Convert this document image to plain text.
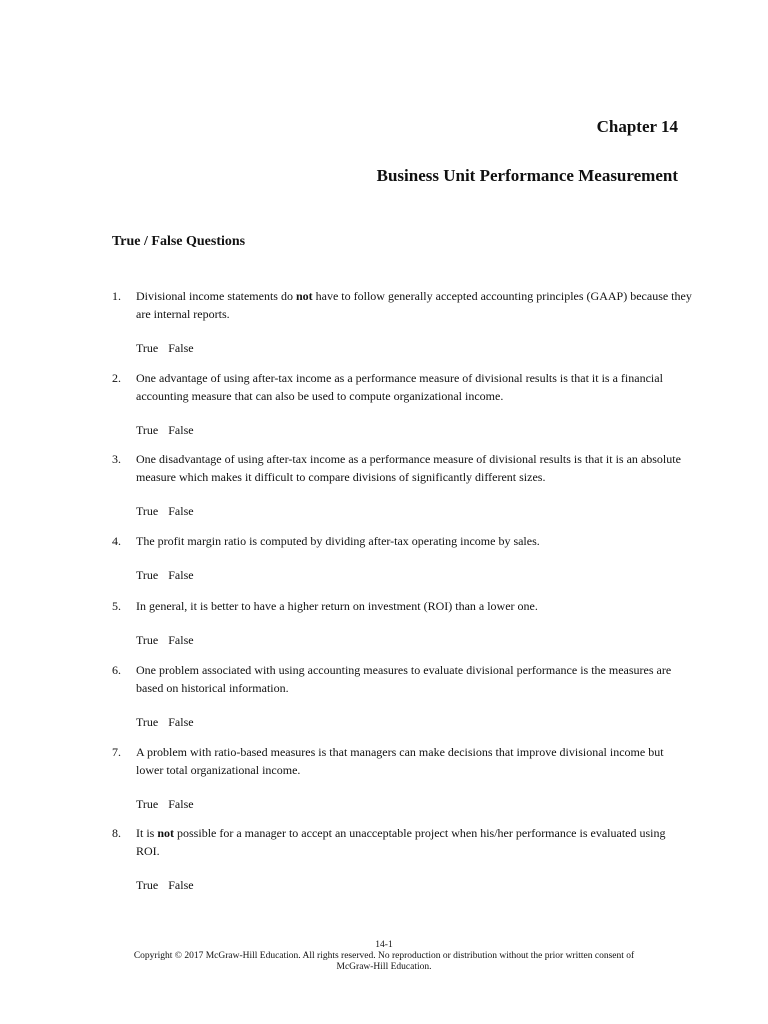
Chapter 14
Business Unit Performance Measurement
True / False Questions
1. Divisional income statements do not have to follow generally accepted accounting principles (GAAP) because they are internal reports.
True False
2. One advantage of using after-tax income as a performance measure of divisional results is that it is a financial accounting measure that can also be used to compute organizational income.
True False
3. One disadvantage of using after-tax income as a performance measure of divisional results is that it is an absolute measure which makes it difficult to compare divisions of significantly different sizes.
True False
4. The profit margin ratio is computed by dividing after-tax operating income by sales.
True False
5. In general, it is better to have a higher return on investment (ROI) than a lower one.
True False
6. One problem associated with using accounting measures to evaluate divisional performance is the measures are based on historical information.
True False
7. A problem with ratio-based measures is that managers can make decisions that improve divisional income but lower total organizational income.
True False
8. It is not possible for a manager to accept an unacceptable project when his/her performance is evaluated using ROI.
True False
14-1
Copyright © 2017 McGraw-Hill Education. All rights reserved. No reproduction or distribution without the prior written consent of
McGraw-Hill Education.
